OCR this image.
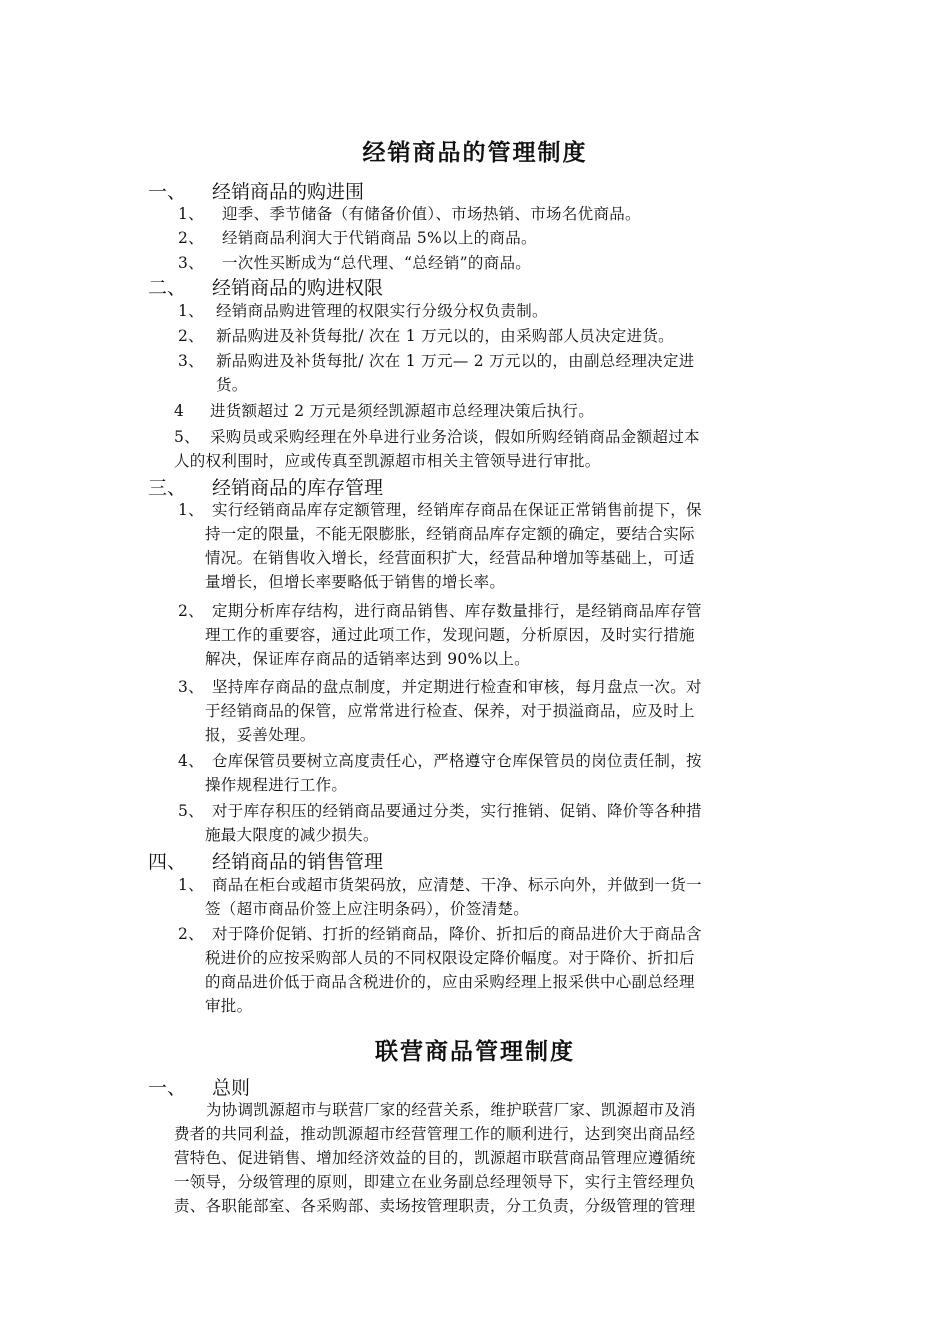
经销商品的管理制度
一、 经销商品的购进围
1、	迎季、季节储备（有储备价值）、市场热销、市场名优商品。
2、	经销商品利润大于代销商品 5%以上的商品。
3、	一次性买断成为“总代理、“总经销”的商品。
二、 经销商品的购进权限
1、 经销商品购进管理的权限实行分级分权负责制。
2、 新品购进及补货每批/ 次在 1 万元以的，由采购部人员决定进货。
3、 新品购进及补货每批/ 次在 1 万元— 2 万元以的，由副总经理决定进
货。
4	进货额超过 2 万元是须经凯源超市总经理决策后执行。
5、 采购员或采购经理在外阜进行业务洽谈，假如所购经销商品金额超过本
人的权利围时，应或传真至凯源超市相关主管领导进行审批。
三、 经销商品的库存管理
1、 实行经销商品库存定额管理，经销库存商品在保证正常销售前提下，保
持一定的限量，不能无限膨胀，经销商品库存定额的确定，要结合实际
情况。在销售收入增长，经营面积扩大，经营品种增加等基础上，可适
量增长，但增长率要略低于销售的增长率。
2、 定期分析库存结构，进行商品销售、库存数量排行，是经销商品库存管
理工作的重要容，通过此项工作，发现问题，分析原因，及时实行措施
解决，保证库存商品的适销率达到 90%以上。
3、 坚持库存商品的盘点制度，并定期进行检查和审核，每月盘点一次。对
于经销商品的保管，应常常进行检查、保养，对于损溢商品，应及时上
报，妥善处理。
4、 仓库保管员要树立高度责任心，严格遵守仓库保管员的岗位责任制，按
操作规程进行工作。
5、 对于库存积压的经销商品要通过分类，实行推销、促销、降价等各种措
施最大限度的减少损失。
四、 经销商品的销售管理
1、 商品在柜台或超市货架码放，应清楚、干净、标示向外，并做到一货一
签（超市商品价签上应注明条码），价签清楚。
2、 对于降价促销、打折的经销商品，降价、折扣后的商品进价大于商品含
税进价的应按采购部人员的不同权限设定降价幅度。对于降价、折扣后
的商品进价低于商品含税进价的，应由采购经理上报采供中心副总经理
审批。
联营商品管理制度
一、 总则
为协调凯源超市与联营厂家的经营关系，维护联营厂家、凯源超市及消
费者的共同利益，推动凯源超市经营管理工作的顺利进行，达到突出商品经
营特色、促进销售、增加经济效益的目的，凯源超市联营商品管理应遵循统
一领导，分级管理的原则，即建立在业务副总经理领导下，实行主管经理负
责、各职能部室、各采购部、卖场按管理职责，分工负责，分级管理的管理
